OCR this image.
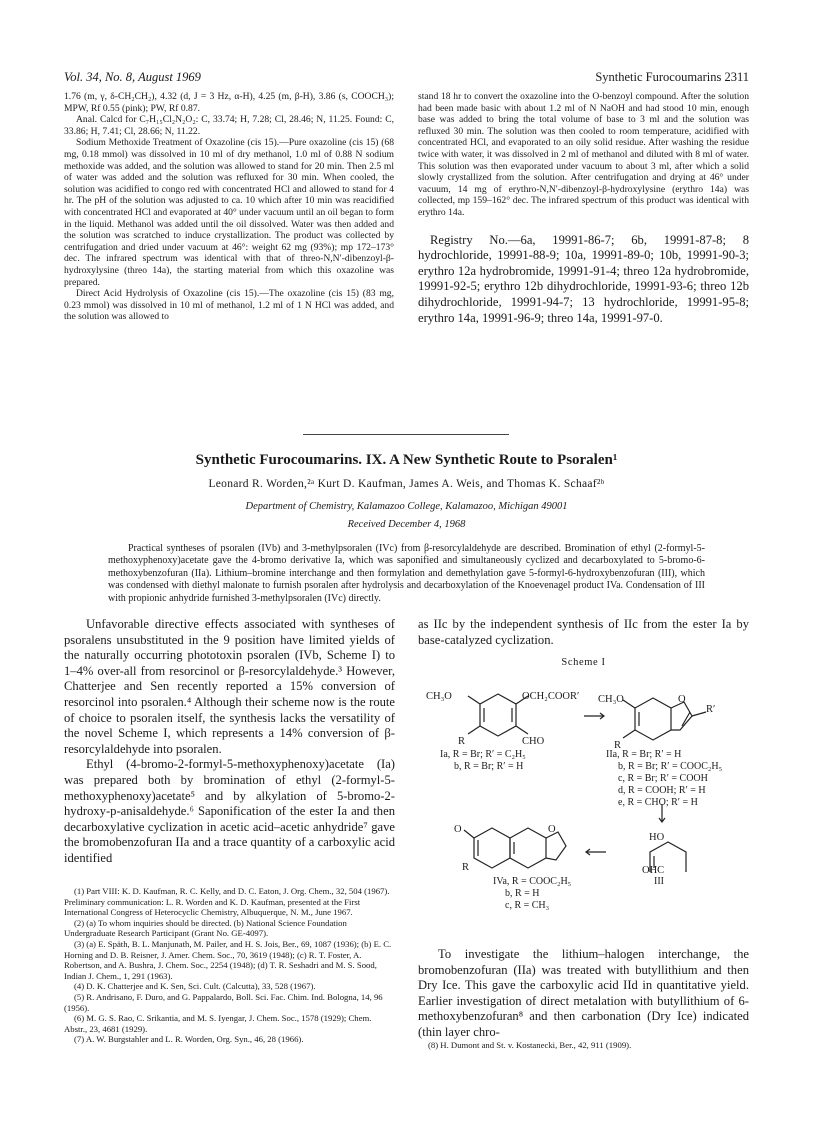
Vol. 34, No. 8, August 1969	Synthetic Furocoumarins 2311

1.76 (m, γ, δ-CH₂CH₂), 4.32 (d, J = 3 Hz, α-H), 4.25 (m, β-H), 3.86 (s, COOCH₃); MPW, Rf 0.55 (pink); PW, Rf 0.87.

Anal. Calcd for C₇H₁₅Cl₂N₂O₂: C, 33.74; H, 7.28; Cl, 28.46; N, 11.25. Found: C, 33.86; H, 7.41; Cl, 28.66; N, 11.22.

Sodium Methoxide Treatment of Oxazoline (cis 15).—Pure oxazoline (cis 15) (68 mg, 0.18 mmol) was dissolved in 10 ml of dry methanol, 1.0 ml of 0.88 N sodium methoxide was added, and the solution was allowed to stand for 20 min. Then 2.5 ml of water was added and the solution was refluxed for 30 min. When cooled, the solution was acidified to congo red with concentrated HCl and allowed to stand for 4 hr. The pH of the solution was adjusted to ca. 10 which after 10 min was reacidified with concentrated HCl and evaporated at 40° under vacuum until an oil began to form in the liquid. Methanol was added until the oil dissolved. Water was then added and the solution was scratched to induce crystallization. The product was collected by centrifugation and dried under vacuum at 46°: weight 62 mg (93%); mp 172–173° dec. The infrared spectrum was identical with that of threo-N,N′-dibenzoyl-β-hydroxylysine (threo 14a), the starting material from which this oxazoline was prepared.

Direct Acid Hydrolysis of Oxazoline (cis 15).—The oxazoline (cis 15) (83 mg, 0.23 mmol) was dissolved in 10 ml of methanol, 1.2 ml of 1 N HCl was added, and the solution was allowed to

stand 18 hr to convert the oxazoline into the O-benzoyl compound. After the solution had been made basic with about 1.2 ml of N NaOH and had stood 10 min, enough base was added to bring the total volume of base to 3 ml and the solution was refluxed 30 min. The solution was then cooled to room temperature, acidified with concentrated HCl, and evaporated to an oily solid residue. After washing the residue twice with water, it was dissolved in 2 ml of methanol and diluted with 8 ml of water. This solution was then evaporated under vacuum to about 3 ml, after which a solid slowly crystallized from the solution. After centrifugation and drying at 46° under vacuum, 14 mg of erythro-N,N′-dibenzoyl-β-hydroxylysine (erythro 14a) was collected, mp 159–162° dec. The infrared spectrum of this product was identical with erythro 14a.

Registry No.—6a, 19991-86-7; 6b, 19991-87-8; 8 hydrochloride, 19991-88-9; 10a, 19991-89-0; 10b, 19991-90-3; erythro 12a hydrobromide, 19991-91-4; threo 12a hydrobromide, 19991-92-5; erythro 12b dihydrochloride, 19991-93-6; threo 12b dihydrochloride, 19991-94-7; 13 hydrochloride, 19991-95-8; erythro 14a, 19991-96-9; threo 14a, 19991-97-0.

Synthetic Furocoumarins. IX. A New Synthetic Route to Psoralen¹
Leonard R. Worden,²ᵃ Kurt D. Kaufman, James A. Weis, and Thomas K. Schaaf²ᵇ
Department of Chemistry, Kalamazoo College, Kalamazoo, Michigan 49001
Received December 4, 1968
Practical syntheses of psoralen (IVb) and 3-methylpsoralen (IVc) from β-resorcylaldehyde are described. Bromination of ethyl (2-formyl-5-methoxyphenoxy)acetate gave the 4-bromo derivative Ia, which was saponified and simultaneously cyclized and decarboxylated to 5-bromo-6-methoxybenzofuran (IIa). Lithium–bromine interchange and then formylation and demethylation gave 5-formyl-6-hydroxybenzofuran (III), which was condensed with diethyl malonate to furnish psoralen after hydrolysis and decarboxylation of the Knoevenagel product IVa. Condensation of III with propionic anhydride furnished 3-methylpsoralen (IVc) directly.

Unfavorable directive effects associated with syntheses of psoralens unsubstituted in the 9 position have limited yields of the naturally occurring phototoxin psoralen (IVb, Scheme I) to 1–4% over-all from resorcinol or β-resorcylaldehyde.³ However, Chatterjee and Sen recently reported a 15% conversion of resorcinol into psoralen.⁴ Although their scheme now is the route of choice to psoralen itself, the synthesis lacks the versatility of the novel Scheme I, which represents a 14% conversion of β-resorcylaldehyde into psoralen.

Ethyl (4-bromo-2-formyl-5-methoxyphenoxy)acetate (Ia) was prepared both by bromination of ethyl (2-formyl-5-methoxyphenoxy)acetate⁵ and by alkylation of 5-bromo-2-hydroxy-p-anisaldehyde.⁶ Saponification of the ester Ia and then decarboxylative cyclization in acetic acid–acetic anhydride⁷ gave the bromobenzofuran IIa and a trace quantity of a carboxylic acid identified

(1) Part VIII: K. D. Kaufman, R. C. Kelly, and D. C. Eaton, J. Org. Chem., 32, 504 (1967). Preliminary communication: L. R. Worden and K. D. Kaufman, presented at the First International Congress of Heterocyclic Chemistry, Albuquerque, N. M., June 1967.

(2) (a) To whom inquiries should be directed. (b) National Science Foundation Undergraduate Research Participant (Grant No. GE-4097).

(3) (a) E. Späth, B. L. Manjunath, M. Pailer, and H. S. Jois, Ber., 69, 1087 (1936); (b) E. C. Horning and D. B. Reisner, J. Amer. Chem. Soc., 70, 3619 (1948); (c) R. T. Foster, A. Robertson, and A. Bushra, J. Chem. Soc., 2254 (1948); (d) T. R. Seshadri and M. S. Sood, Indian J. Chem., 1, 291 (1963).

(4) D. K. Chatterjee and K. Sen, Sci. Cult. (Calcutta), 33, 528 (1967).

(5) R. Andrisano, F. Duro, and G. Pappalardo, Boll. Sci. Fac. Chim. Ind. Bologna, 14, 96 (1956).

(6) M. G. S. Rao, C. Srikantia, and M. S. Iyengar, J. Chem. Soc., 1578 (1929); Chem. Abstr., 23, 4681 (1929).

(7) A. W. Burgstahler and L. R. Worden, Org. Syn., 46, 28 (1966).

as IIc by the independent synthesis of IIc from the ester Ia by base-catalyzed cyclization.
Scheme I
CH₃O	OCH₂COOR′
R	CHO
CH₃O	O
R′
R
O	O
Ia, R = Br; R′ = C₂H₅
b, R = Br; R′ = H
IIa, R = Br; R′ = H
b, R = Br; R′ = COOC₂H₅
c, R = Br; R′ = COOH
d, R = COOH; R′ = H
e, R = CHO; R′ = H
HO
OHC
R
IVa, R = COOC₂H₅
b, R = H
c, R = CH₃
III
To investigate the lithium–halogen interchange, the bromobenzofuran (IIa) was treated with butyllithium and then Dry Ice. This gave the carboxylic acid IId in quantitative yield. Earlier investigation of direct metalation with butyllithium of 6-methoxybenzofuran⁸ and then carbonation (Dry Ice) indicated (thin layer chro-
(8) H. Dumont and St. v. Kostanecki, Ber., 42, 911 (1909).
